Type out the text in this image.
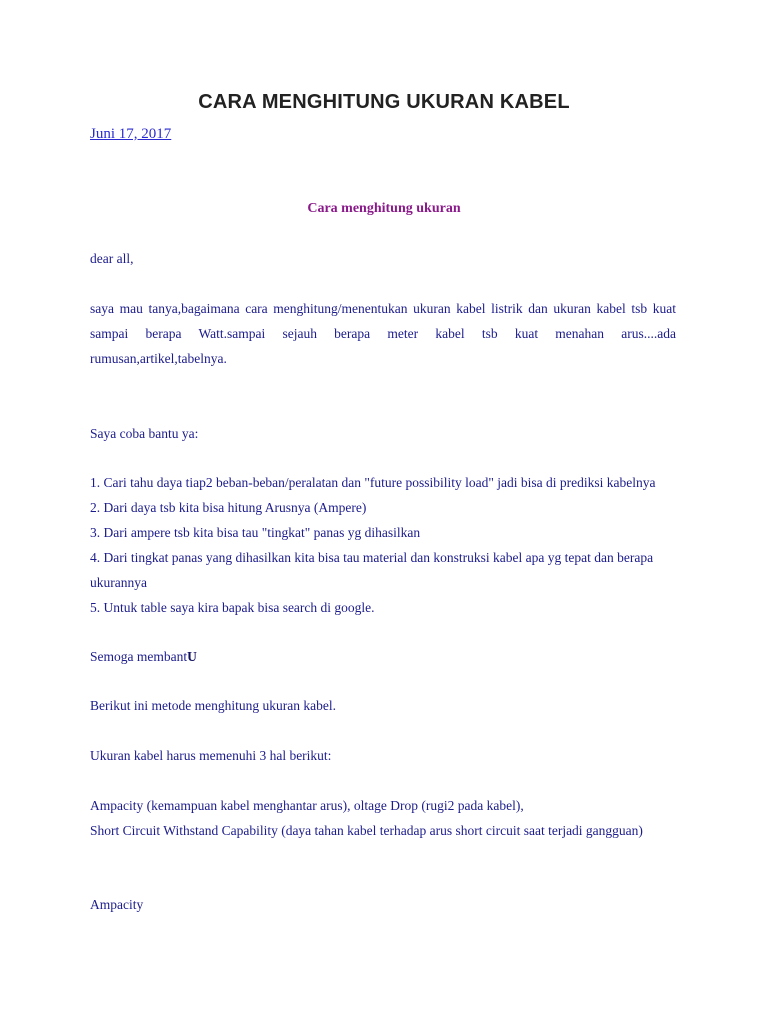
CARA MENGHITUNG UKURAN KABEL
Juni 17, 2017
Cara menghitung ukuran

dear all,

saya mau tanya,bagaimana cara menghitung/menentukan ukuran kabel listrik dan ukuran kabel tsb kuat sampai berapa Watt.sampai sejauh berapa meter kabel tsb kuat menahan arus....ada rumusan,artikel,tabelnya.

Saya coba bantu ya:

1. Cari tahu daya tiap2 beban-beban/peralatan dan "future possibility load" jadi bisa di prediksi kabelnya
2. Dari daya tsb kita bisa hitung Arusnya (Ampere)
3. Dari ampere tsb kita bisa tau "tingkat" panas yg dihasilkan
4. Dari tingkat panas yang dihasilkan kita bisa tau material dan konstruksi kabel apa yg tepat dan berapa ukurannya
5. Untuk table saya kira bapak bisa search di google.

Semoga membantU

Berikut ini metode menghitung ukuran kabel.

Ukuran kabel harus memenuhi 3 hal berikut:

Ampacity (kemampuan kabel menghantar arus), oltage Drop (rugi2 pada kabel),

Short Circuit Withstand Capability (daya tahan kabel terhadap arus short circuit saat terjadi gangguan)

Ampacity
